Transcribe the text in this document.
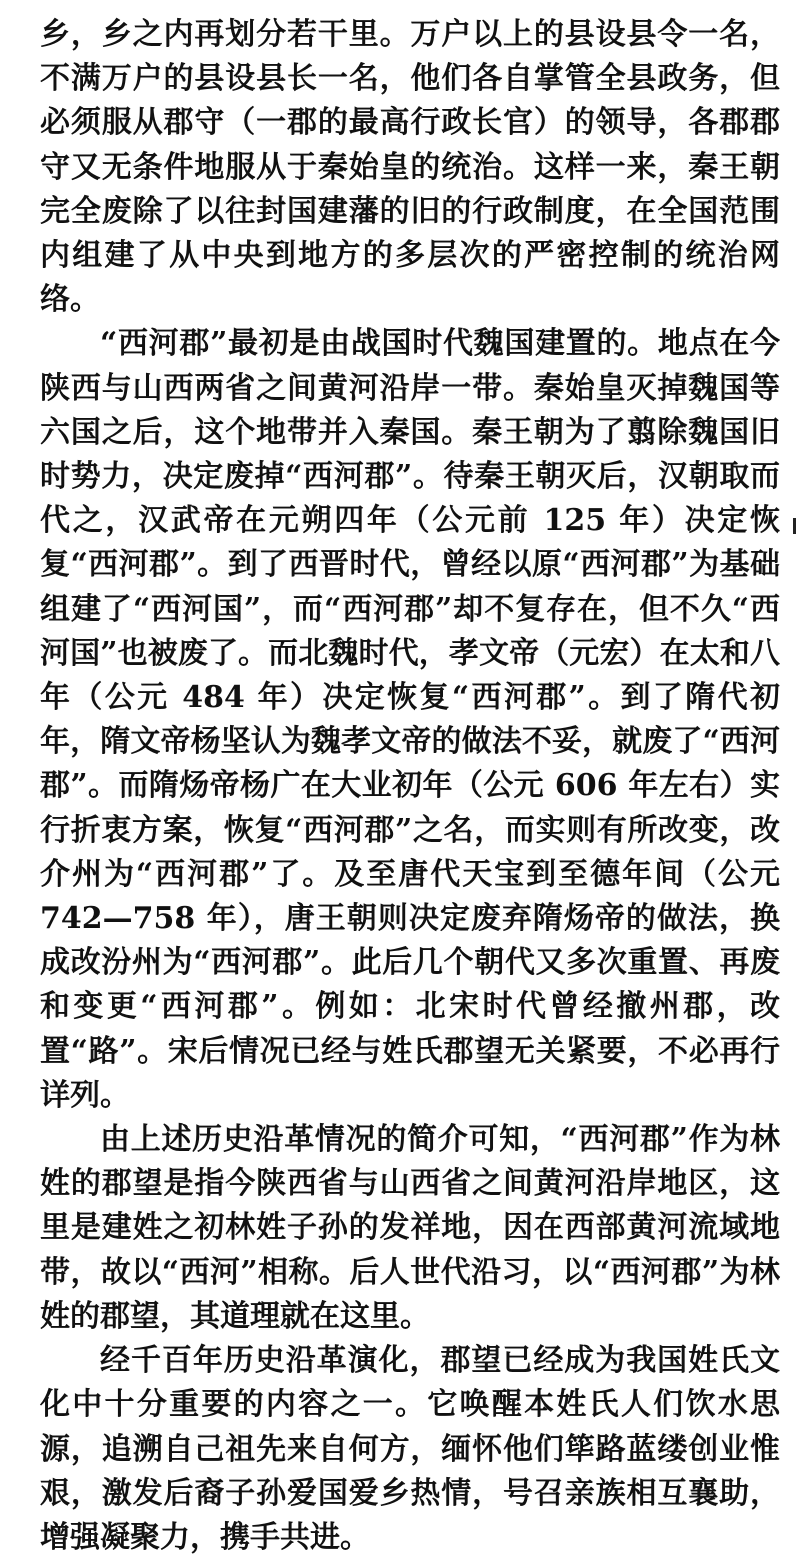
乡，乡之内再划分若干里。万户以上的县设县令一名，不满万户的县设县长一名，他们各自掌管全县政务，但必须服从郡守（一郡的最高行政长官）的领导，各郡郡守又无条件地服从于秦始皇的统治。这样一来，秦王朝完全废除了以往封国建藩的旧的行政制度，在全国范围内组建了从中央到地方的多层次的严密控制的统治网络。

“西河郡”最初是由战国时代魏国建置的。地点在今陕西与山西两省之间黄河沿岸一带。秦始皇灭掉魏国等六国之后，这个地带并入秦国。秦王朝为了翦除魏国旧时势力，决定废掉“西河郡”。待秦王朝灭后，汉朝取而代之，汉武帝在元朔四年（公元前 125 年）决定恢复“西河郡”。到了西晋时代，曾经以原“西河郡”为基础组建了“西河国”，而“西河郡”却不复存在，但不久“西河国”也被废了。而北魏时代，孝文帝（元宏）在太和八年（公元 484 年）决定恢复“西河郡”。到了隋代初年，隋文帝杨坚认为魏孝文帝的做法不妥，就废了“西河郡”。而隋炀帝杨广在大业初年（公元 606 年左右）实行折衷方案，恢复“西河郡”之名，而实则有所改变，改介州为“西河郡”了。及至唐代天宝到至德年间（公元 742—758 年），唐王朝则决定废弃隋炀帝的做法，换成改汾州为“西河郡”。此后几个朝代又多次重置、再废和变更“西河郡”。例如：北宋时代曾经撤州郡，改置“路”。宋后情况已经与姓氏郡望无关紧要，不必再行详列。

由上述历史沿革情况的简介可知，“西河郡”作为林姓的郡望是指今陕西省与山西省之间黄河沿岸地区，这里是建姓之初林姓子孙的发祥地，因在西部黄河流域地带，故以“西河”相称。后人世代沿习，以“西河郡”为林姓的郡望，其道理就在这里。

经千百年历史沿革演化，郡望已经成为我国姓氏文化中十分重要的内容之一。它唤醒本姓氏人们饮水思源，追溯自己祖先来自何方，缅怀他们筚路蓝缕创业惟艰，激发后裔子孙爱国爱乡热情，号召亲族相互襄助，增强凝聚力，携手共进。
